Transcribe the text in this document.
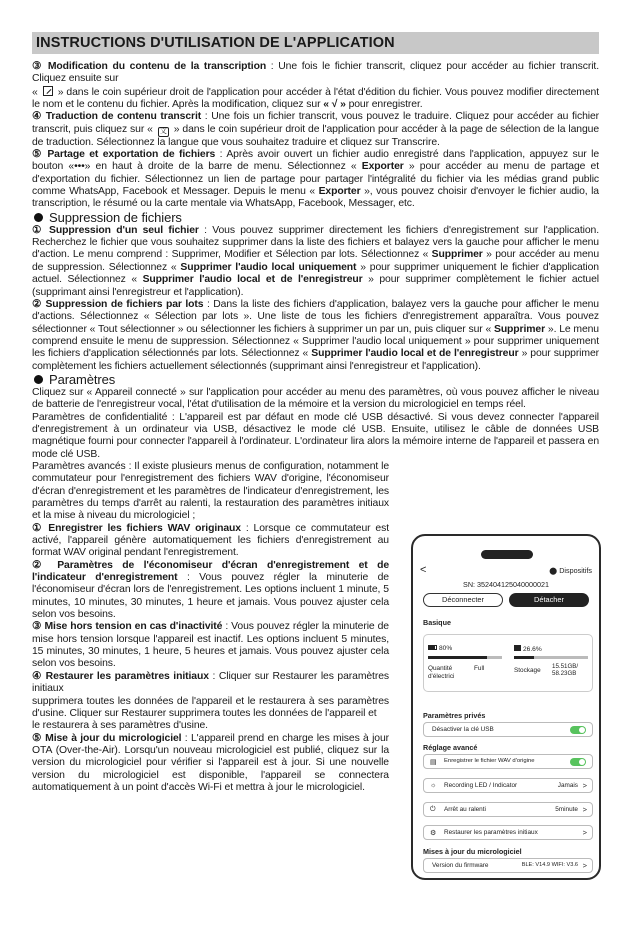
INSTRUCTIONS D'UTILISATION DE L'APPLICATION

③ Modification du contenu de la transcription : Une fois le fichier transcrit, cliquez pour accéder au fichier transcrit. Cliquez ensuite sur
«  » dans le coin supérieur droit de l'application pour accéder à l'état d'édition du fichier. Vous pouvez modifier directement le nom et le contenu du fichier. Après la modification, cliquez sur « √ » pour enregistrer.

④ Traduction de contenu transcrit : Une fois un fichier transcrit, vous pouvez le traduire. Cliquez pour accéder au fichier transcrit, puis cliquez sur « 文 » dans le coin supérieur droit de l'application pour accéder à la page de sélection de la langue de traduction. Sélectionnez la langue que vous souhaitez traduire et cliquez sur Transcrire.

⑤ Partage et exportation de fichiers : Après avoir ouvert un fichier audio enregistré dans l'application, appuyez sur le bouton «•••» en haut à droite de la barre de menu. Sélectionnez « Exporter » pour accéder au menu de partage et d'exportation du fichier. Sélectionnez un lien de partage pour partager l'intégralité du fichier via les médias grand public comme WhatsApp, Facebook et Messager. Depuis le menu « Exporter », vous pouvez choisir d'envoyer le fichier audio, la transcription, le résumé ou la carte mentale via WhatsApp, Facebook, Messager, etc.

Suppression de fichiers

① Suppression d'un seul fichier : Vous pouvez supprimer directement les fichiers d'enregistrement sur l'application. Recherchez le fichier que vous souhaitez supprimer dans la liste des fichiers et balayez vers la gauche pour afficher le menu d'action. Le menu comprend : Supprimer, Modifier et Sélection par lots. Sélectionnez « Supprimer » pour accéder au menu de suppression. Sélectionnez « Supprimer l'audio local uniquement » pour supprimer uniquement le fichier d'application actuel. Sélectionnez « Supprimer l'audio local et de l'enregistreur » pour supprimer complètement le fichier actuel (supprimant ainsi l'enregistreur et l'application).

② Suppression de fichiers par lots : Dans la liste des fichiers d'application, balayez vers la gauche pour afficher le menu d'actions. Sélectionnez « Sélection par lots ». Une liste de tous les fichiers d'enregistrement apparaîtra. Vous pouvez sélectionner « Tout sélectionner » ou sélectionner les fichiers à supprimer un par un, puis cliquer sur « Supprimer ». Le menu comprend ensuite le menu de suppression. Sélectionnez « Supprimer l'audio local uniquement » pour supprimer uniquement les fichiers d'application sélectionnés par lots. Sélectionnez « Supprimer l'audio local et de l'enregistreur » pour supprimer complètement les fichiers actuellement sélectionnés (supprimant ainsi l'enregistreur et l'application).

Paramètres

Cliquez sur « Appareil connecté » sur l'application pour accéder au menu des paramètres, où vous pouvez afficher le niveau de batterie de l'enregistreur vocal, l'état d'utilisation de la mémoire et la version du micrologiciel en temps réel.

Paramètres de confidentialité : L'appareil est par défaut en mode clé USB désactivé. Si vous devez connecter l'appareil d'enregistrement à un ordinateur via USB, désactivez le mode clé USB. Ensuite, utilisez le câble de données USB magnétique fourni pour connecter l'appareil à l'ordinateur. L'ordinateur lira alors la mémoire interne de l'appareil et passera en mode clé USB.

Paramètres avancés : Il existe plusieurs menus de configuration, notamment le commutateur pour l'enregistrement des fichiers WAV d'origine, l'économiseur d'écran d'enregistrement et les paramètres de l'indicateur d'enregistrement, les paramètres du temps d'arrêt au ralenti, la restauration des paramètres initiaux et la mise à niveau du micrologiciel ;

① Enregistrer les fichiers WAV originaux : Lorsque ce commutateur est activé, l'appareil génère automatiquement les fichiers d'enregistrement au format WAV original pendant l'enregistrement.

② Paramètres de l'économiseur d'écran d'enregistrement et de l'indicateur d'enregistrement : Vous pouvez régler la minuterie de l'économiseur d'écran lors de l'enregistrement. Les options incluent 1 minute, 5 minutes, 10 minutes, 30 minutes, 1 heure et jamais. Vous pouvez ajuster cela selon vos besoins.

③ Mise hors tension en cas d'inactivité : Vous pouvez régler la minuterie de mise hors tension lorsque l'appareil est inactif. Les options incluent 5 minutes, 15 minutes, 30 minutes, 1 heure, 5 heures et jamais. Vous pouvez ajuster cela selon vos besoins.

④ Restaurer les paramètres initiaux : Cliquer sur Restaurer les paramètres initiaux

supprimera toutes les données de l'appareil et le restaurera à ses paramètres d'usine. Cliquer sur Restaurer supprimera toutes les données de l'appareil et

le restaurera à ses paramètres d'usine.

⑤ Mise à jour du micrologiciel : L'appareil prend en charge les mises à jour OTA (Over-the-Air). Lorsqu'un nouveau micrologiciel est publié, cliquez sur la version du micrologiciel pour vérifier si l'appareil est à jour. Si une nouvelle version du micrologiciel est disponible, l'appareil se connectera automatiquement à un point d'accès Wi-Fi et mettra à jour le micrologiciel.

<	⬤ Dispositifs
SN: 352404125040000021
Déconnecter	Détacher
Basique
80%
Quantité d'électrici
Full
26.6%
Stockage
15.51GB/ 58.23GB
Paramètres privés
Désactiver la clé USB
Réglage avancé
▤ Enregistrer le fichier WAV d'origine
☼ Recording LED / Indicator	Jamais >
⏻ Arrêt au ralenti	5minute >
⚙ Restaurer les paramètres initiaux	>
Mises à jour du micrologiciel
Version du firmware	BLE: V14.9 WIFI: V3.6 >
